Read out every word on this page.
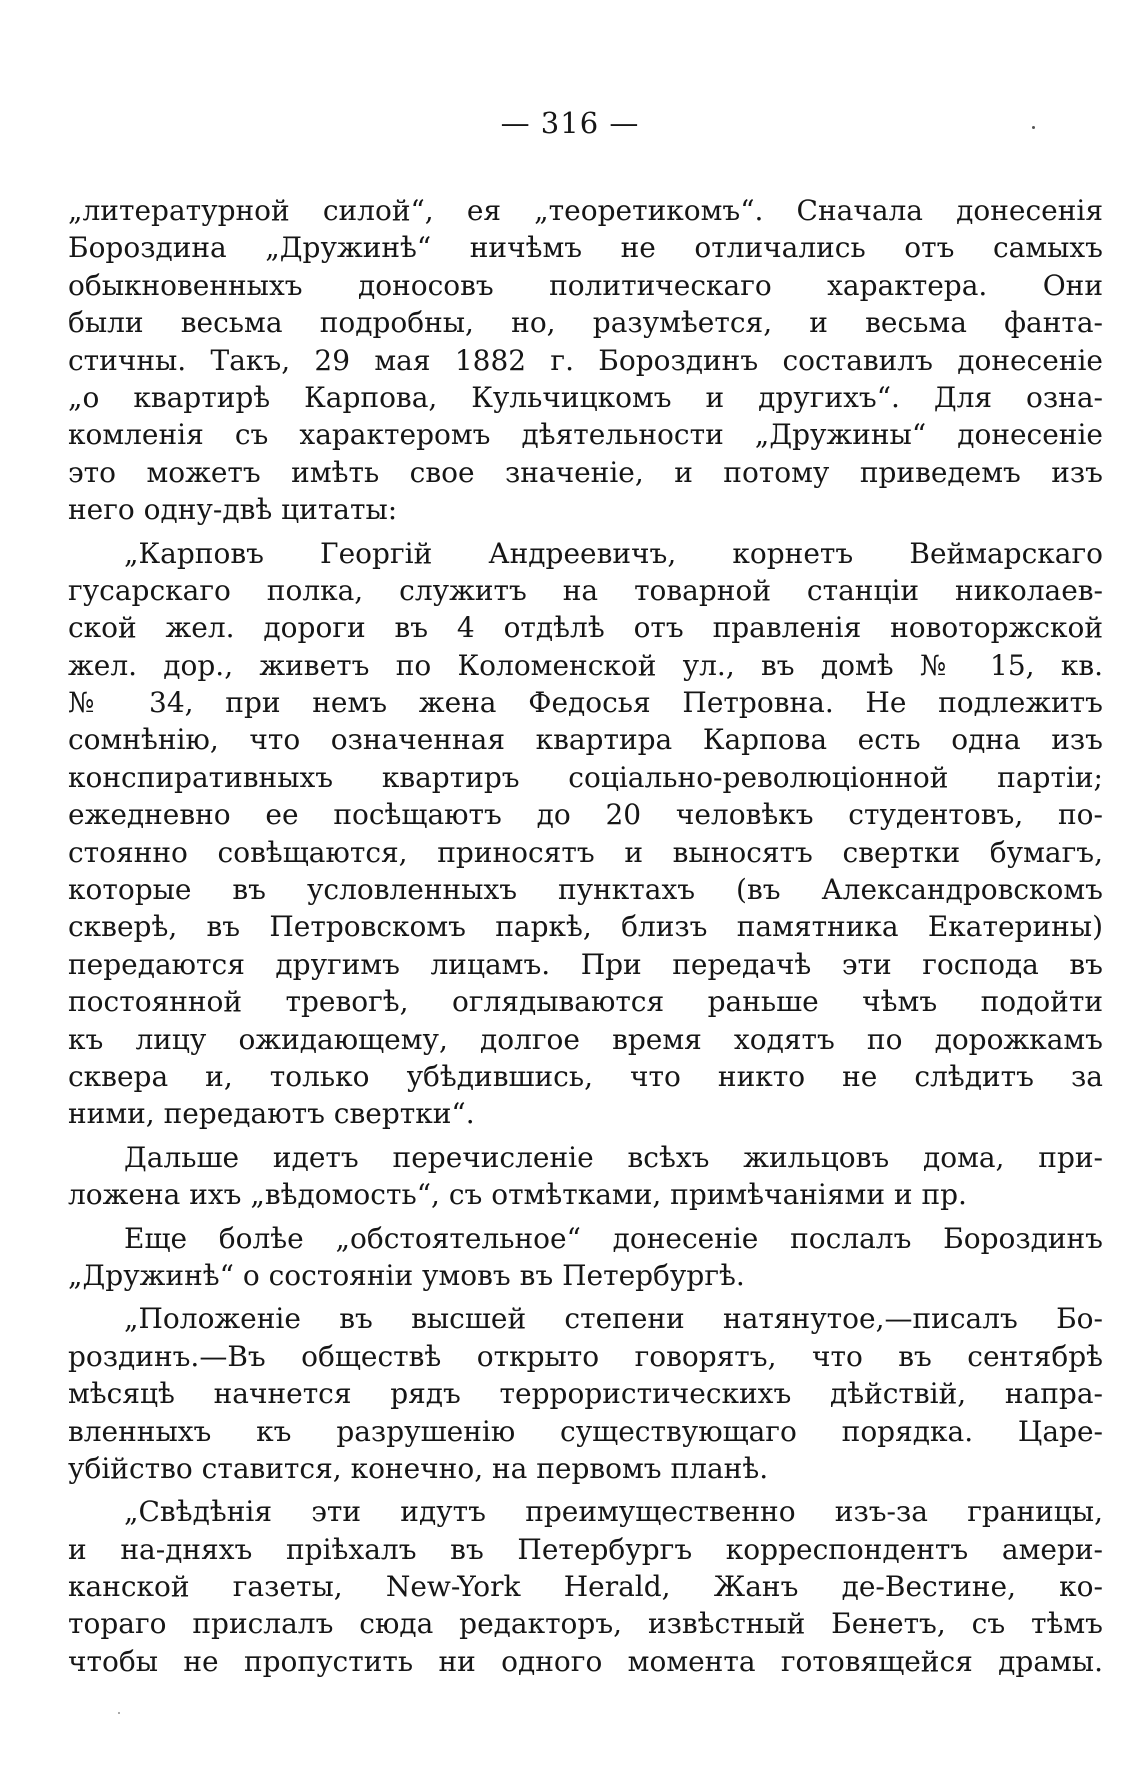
— 316 —
„литературной силой“, ея „теоретикомъ“. Сначала донесенія
Бороздина „Дружинѣ“ ничѣмъ не отличались отъ самыхъ
обыкновенныхъ доносовъ политическаго характера. Они
были весьма подробны, но, разумѣется, и весьма фанта-
стичны. Такъ, 29 мая 1882 г. Бороздинъ составилъ донесеніе
„о квартирѣ Карпова, Кульчицкомъ и другихъ“. Для озна-
комленія съ характеромъ дѣятельности „Дружины“ донесеніе
это можетъ имѣть свое значеніе, и потому приведемъ изъ
него одну-двѣ цитаты:
„Карповъ Георгій Андреевичъ, корнетъ Веймарскаго
гусарскаго полка, служитъ на товарной станціи николаев-
ской жел. дороги въ 4 отдѣлѣ отъ правленія новоторжской
жел. дор., живетъ по Коломенской ул., въ домѣ № 15, кв.
№ 34, при немъ жена Федосья Петровна. Не подлежитъ
сомнѣнію, что означенная квартира Карпова есть одна изъ
конспиративныхъ квартиръ соціально-революціонной партіи;
ежедневно ее посѣщаютъ до 20 человѣкъ студентовъ, по-
стоянно совѣщаются, приносятъ и выносятъ свертки бумагъ,
которые въ условленныхъ пунктахъ (въ Александровскомъ
скверѣ, въ Петровскомъ паркѣ, близъ памятника Екатерины)
передаются другимъ лицамъ. При передачѣ эти господа въ
постоянной тревогѣ, оглядываются раньше чѣмъ подойти
къ лицу ожидающему, долгое время ходятъ по дорожкамъ
сквера и, только убѣдившись, что никто не слѣдитъ за
ними, передаютъ свертки“.
Дальше идетъ перечисленіе всѣхъ жильцовъ дома, при-
ложена ихъ „вѣдомость“, съ отмѣтками, примѣчаніями и пр.
Еще болѣе „обстоятельное“ донесеніе послалъ Бороздинъ
„Дружинѣ“ о состояніи умовъ въ Петербургѣ.
„Положеніе въ высшей степени натянутое,—писалъ Бо-
роздинъ.—Въ обществѣ открыто говорятъ, что въ сентябрѣ
мѣсяцѣ начнется рядъ террористическихъ дѣйствій, напра-
вленныхъ къ разрушенію существующаго порядка. Царе-
убійство ставится, конечно, на первомъ планѣ.
„Свѣдѣнія эти идутъ преимущественно изъ-за границы,
и на-дняхъ пріѣхалъ въ Петербургъ корреспондентъ амери-
канской газеты, New-York Herald, Жанъ де-Вестине, ко-
тораго прислалъ сюда редакторъ, извѣстный Бенетъ, съ тѣмъ
чтобы не пропустить ни одного момента готовящейся драмы.
